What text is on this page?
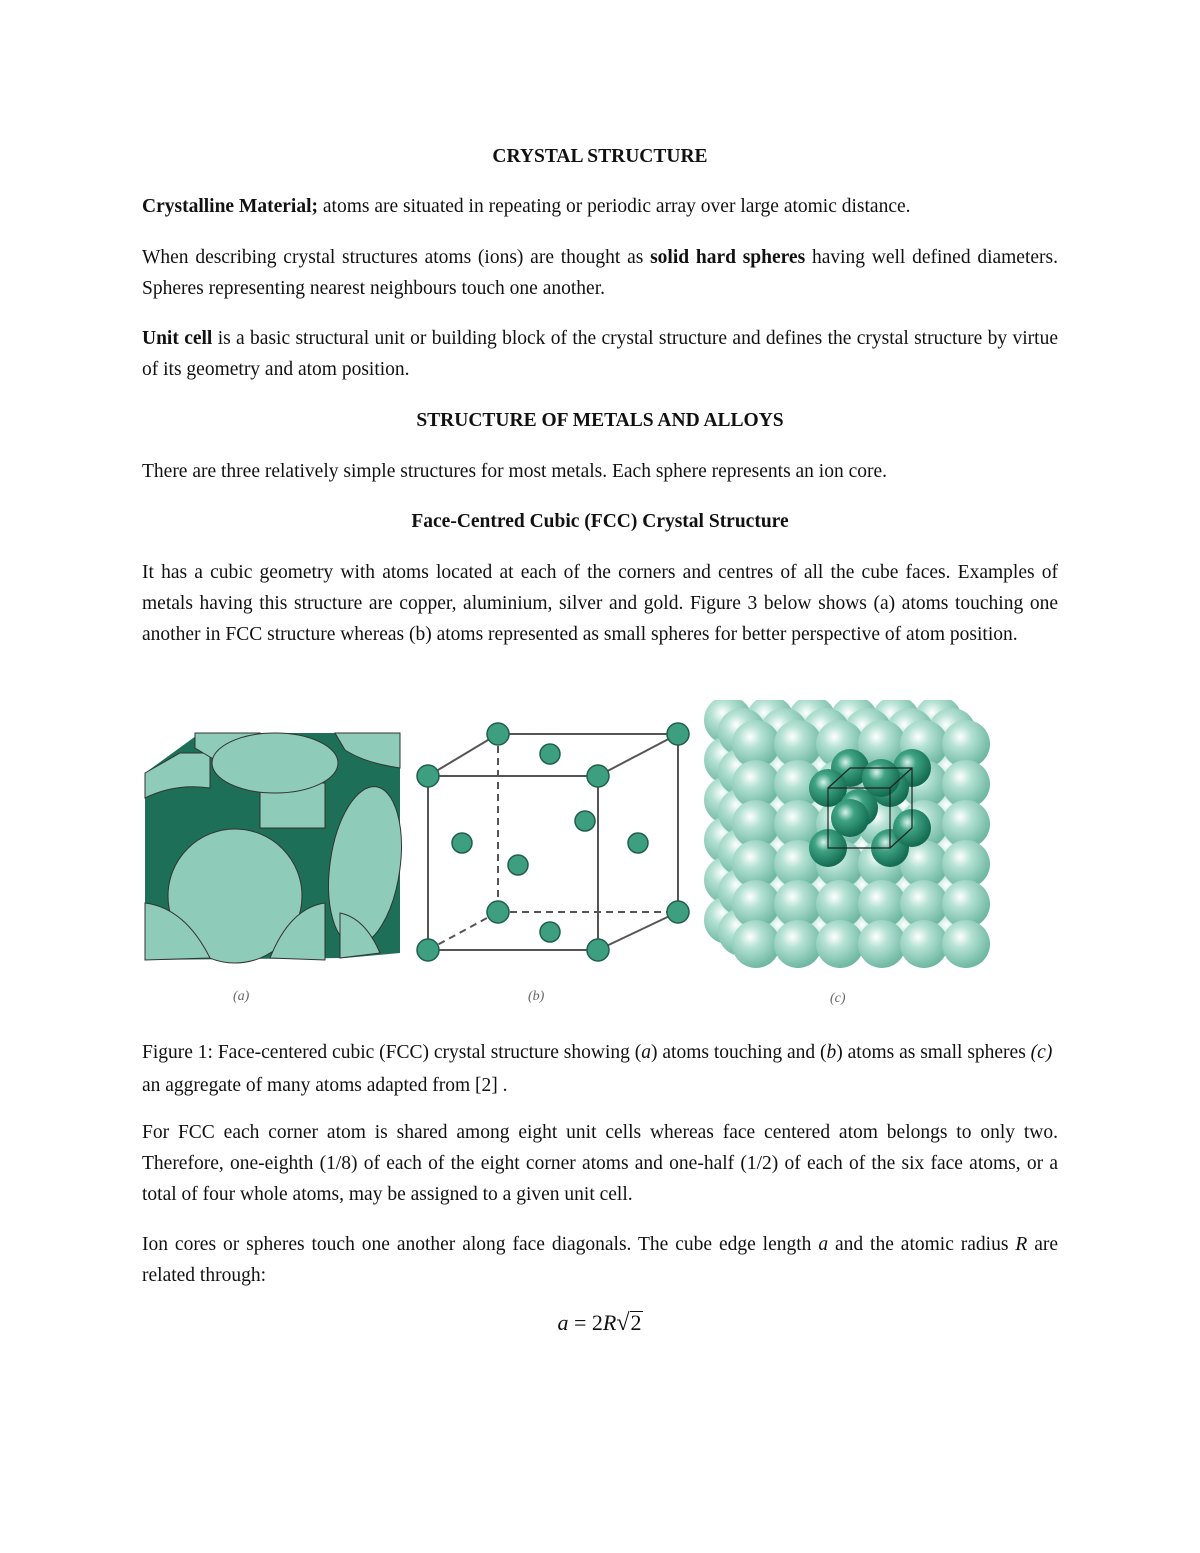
CRYSTAL STRUCTURE
Crystalline Material; atoms are situated in repeating or periodic array over large atomic distance.
When describing crystal structures atoms (ions) are thought as solid hard spheres having well defined diameters. Spheres representing nearest neighbours touch one another.
Unit cell is a basic structural unit or building block of the crystal structure and defines the crystal structure by virtue of its geometry and atom position.
STRUCTURE OF METALS AND ALLOYS
There are three relatively simple structures for most metals. Each sphere represents an ion core.
Face-Centred Cubic (FCC) Crystal Structure
It has a cubic geometry with atoms located at each of the corners and centres of all the cube faces. Examples of metals having this structure are copper, aluminium, silver and gold. Figure 3 below shows (a) atoms touching one another in FCC structure whereas (b) atoms represented as small spheres for better perspective of atom position.
(a)	(b)	(c)
Figure 1: Face-centered cubic (FCC) crystal structure showing (a) atoms touching and (b) atoms as small spheres (c) an aggregate of many atoms adapted from [2] .
For FCC each corner atom is shared among eight unit cells whereas face centered atom belongs to only two. Therefore, one-eighth (1/8) of each of the eight corner atoms and one-half (1/2) of each of the six face atoms, or a total of four whole atoms, may be assigned to a given unit cell.
Ion cores or spheres touch one another along face diagonals. The cube edge length a and the atomic radius R are related through:
a = 2R√2
